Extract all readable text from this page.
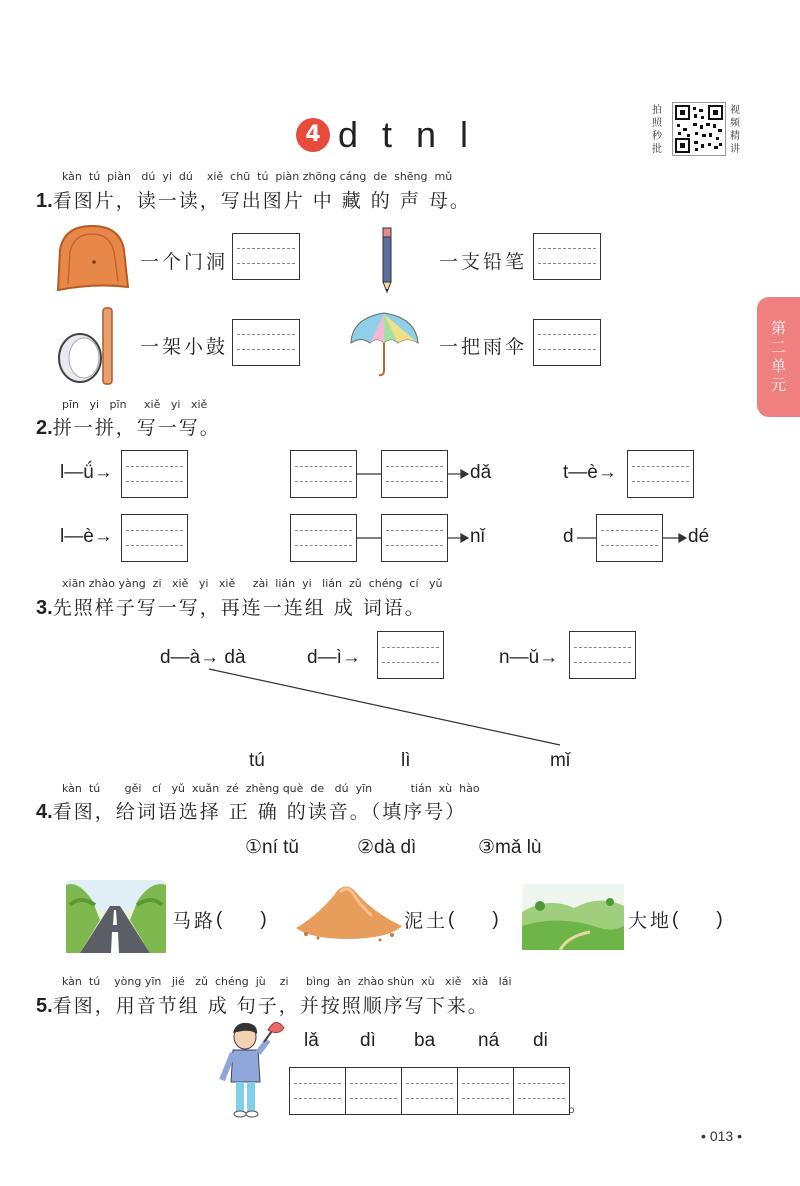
4 d t n l
拍照秒批
视频精讲
第二单元
kàn  tú  piàn   dú  yi  dú    xiě  chū  tú  piàn zhōng cáng  de  shēng  mǔ
1.看图片，读一读，写出图片 中 藏 的 声 母。
一个门洞	一支铅笔
一架小鼓	一把雨伞
pīn   yi   pīn     xiě   yi   xiě
2.拼一拼，写一写。
l—ǘ→	dǎ	t—è→
l—è→	nǐ	d	dé
xiān zhào yàng  zi   xiě   yi   xiě     zài  lián  yi   lián  zǔ  chéng  cí   yǔ
3.先照样子写一写，再连一连组 成 词语。
d—à→ dà	d—ì→	n—ǔ→
tú	lì	mǐ
kàn  tú       gěi   cí   yǔ  xuǎn  zé  zhèng què  de   dú  yīn           tián  xù  hào
4.看图，给词语选择 正 确 的读音。（填序号）
①ní tǔ	②dà dì	③mǎ lù
马路 (　　)	泥土 (　　)	大地 (　　)
kàn  tú    yòng yīn   jié   zǔ  chéng  jù    zi     bìng  àn  zhào shùn  xù   xiě   xià   lái
5.看图，用音节组 成 句子，并按照顺序写下来。
lǎ dì ba ná di
。
• 013 •
